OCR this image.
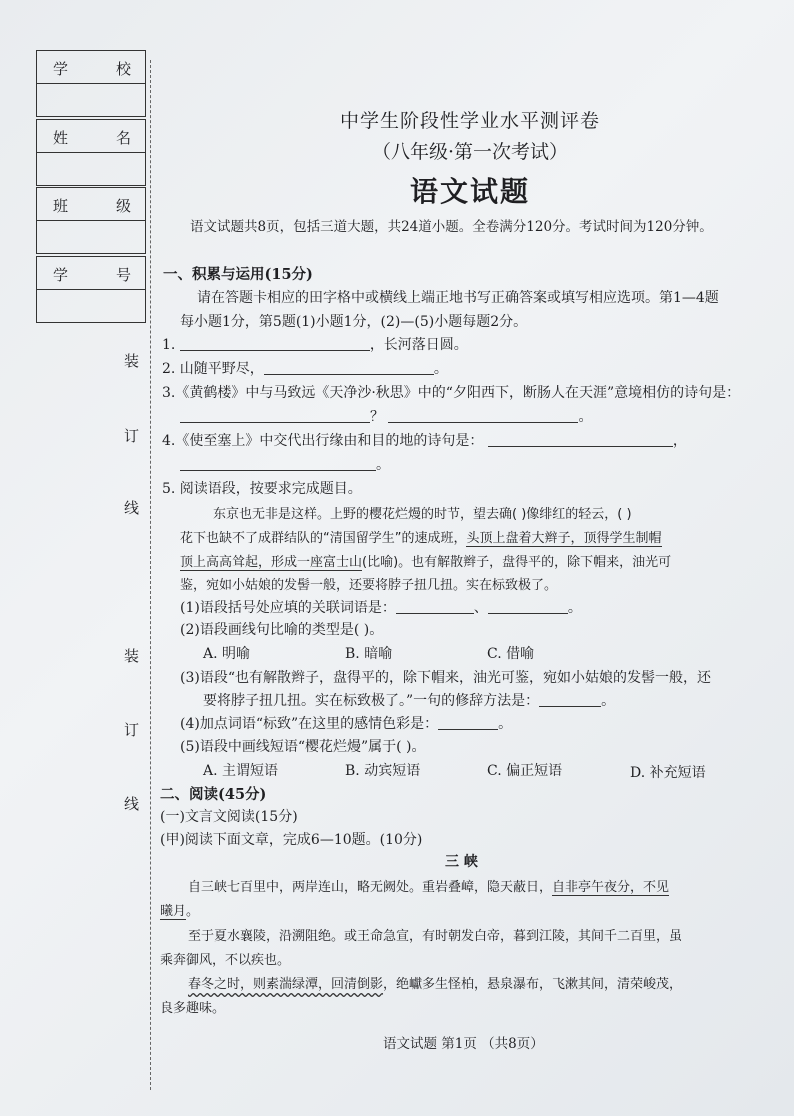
学	校
姓	名
班	级
学	号
装
订
线
装
订
线
中学生阶段性学业水平测评卷
（八年级·第一次考试）
语文试题
语文试题共8页，包括三道大题，共24道小题。全卷满分120分。考试时间为120分钟。
一、积累与运用(15分)
请在答题卡相应的田字格中或横线上端正地书写正确答案或填写相应选项。第1—4题
每小题1分，第5题(1)小题1分，(2)—(5)小题每题2分。
1.	，长河落日圆。
2. 山随平野尽，	。
3.《黄鹤楼》中与马致远《天净沙·秋思》中的“夕阳西下，断肠人在天涯”意境相仿的诗句是：
？	。
4.《使至塞上》中交代出行缘由和目的地的诗句是：	，
。
5. 阅读语段，按要求完成题目。
东京也无非是这样。上野的樱花烂熳的时节，望去确( )像绯红的轻云，( )
花下也缺不了成群结队的“清国留学生”的速成班，头顶上盘着大辫子，顶得学生制帽
顶上高高耸起，形成一座富士山(比喻)。也有解散辫子，盘得平的，除下帽来，油光可
鉴，宛如小姑娘的发髻一般，还要将脖子扭几扭。实在标致极了。
(1)语段括号处应填的关联词语是：	、	。
(2)语段画线句比喻的类型是( )。
A. 明喻	B. 暗喻	C. 借喻
(3)语段“也有解散辫子，盘得平的，除下帽来，油光可鉴，宛如小姑娘的发髻一般，还
要将脖子扭几扭。实在标致极了。”一句的修辞方法是：	。
(4)加点词语“标致”在这里的感情色彩是：	。
(5)语段中画线短语“樱花烂熳”属于( )。
A. 主谓短语	B. 动宾短语	C. 偏正短语	D. 补充短语
二、阅读(45分)
(一)文言文阅读(15分)
(甲)阅读下面文章，完成6—10题。(10分)
三 峡
自三峡七百里中，两岸连山，略无阙处。重岩叠嶂，隐天蔽日，自非亭午夜分，不见
曦月。
至于夏水襄陵，沿溯阻绝。或王命急宣，有时朝发白帝，暮到江陵，其间千二百里，虽
乘奔御风，不以疾也。
春冬之时，则素湍绿潭，回清倒影，绝巘多生怪柏，悬泉瀑布，飞漱其间，清荣峻茂，
良多趣味。
语文试题 第1页 （共8页）
